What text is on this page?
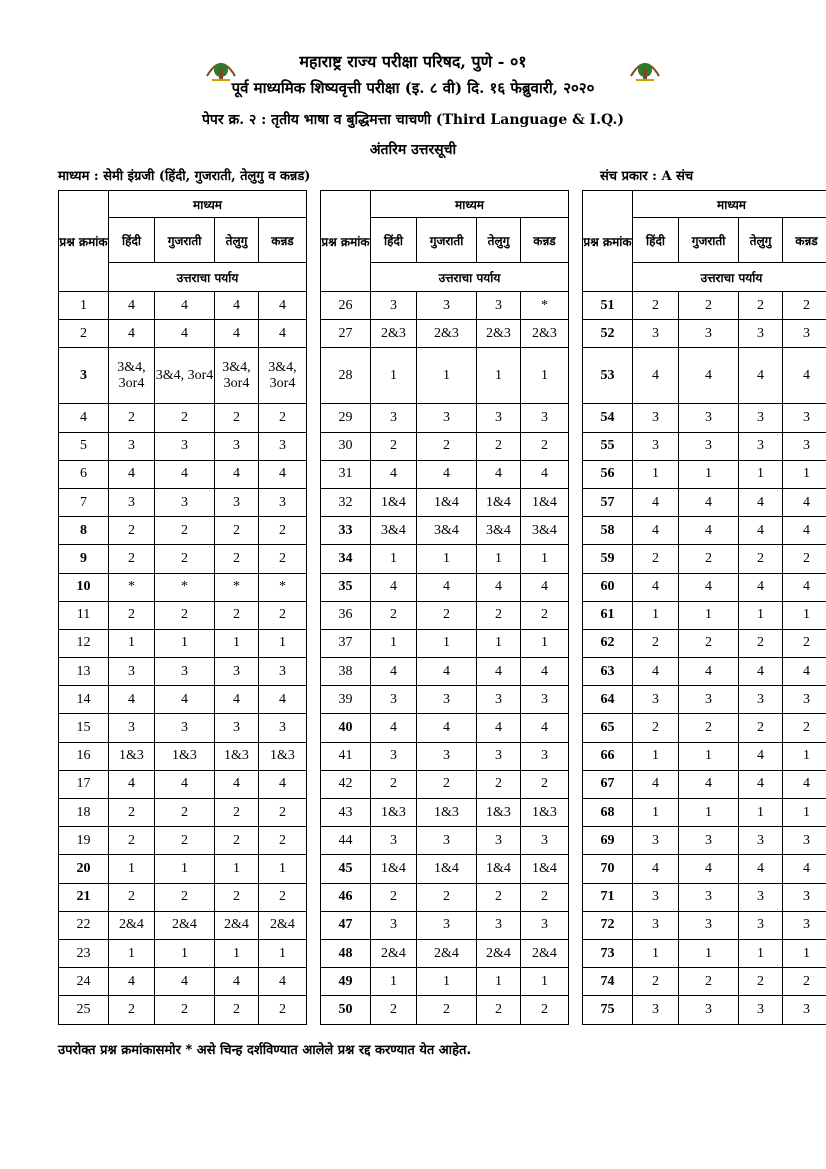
महाराष्ट्र राज्य परीक्षा परिषद, पुणे - ०१
पूर्व माध्यमिक शिष्यवृत्ती परीक्षा (इ. ८ वी) दि. १६ फेब्रुवारी, २०२०
पेपर क्र. २ : तृतीय भाषा व बुद्धिमत्ता चाचणी (Third Language & I.Q.)
अंतरिम उत्तरसूची
माध्यम : सेमी इंग्रजी (हिंदी, गुजराती, तेलुगु व कन्नड)	संच प्रकार : A संच
प्रश्न क्रमांक	माध्यम					प्रश्न क्रमांक	माध्यम					प्रश्न क्रमांक	माध्यम			
	हिंदी	गुजराती	तेलुगु	कन्नड			हिंदी	गुजराती	तेलुगु	कन्नड			हिंदी	गुजराती	तेलुगु	कन्नड
	उत्तराचा पर्याय						उत्तराचा पर्याय						उत्तराचा पर्याय			
1	4	4	4	4		26	3	3	3	*		51	2	2	2	2
2	4	4	4	4		27	2&3	2&3	2&3	2&3		52	3	3	3	3
3	3&4, 3or4	3&4, 3or4	3&4, 3or4	3&4, 3or4		28	1	1	1	1		53	4	4	4	4
4	2	2	2	2		29	3	3	3	3		54	3	3	3	3
5	3	3	3	3		30	2	2	2	2		55	3	3	3	3
6	4	4	4	4		31	4	4	4	4		56	1	1	1	1
7	3	3	3	3		32	1&4	1&4	1&4	1&4		57	4	4	4	4
8	2	2	2	2		33	3&4	3&4	3&4	3&4		58	4	4	4	4
9	2	2	2	2		34	1	1	1	1		59	2	2	2	2
10	*	*	*	*		35	4	4	4	4		60	4	4	4	4
11	2	2	2	2		36	2	2	2	2		61	1	1	1	1
12	1	1	1	1		37	1	1	1	1		62	2	2	2	2
13	3	3	3	3		38	4	4	4	4		63	4	4	4	4
14	4	4	4	4		39	3	3	3	3		64	3	3	3	3
15	3	3	3	3		40	4	4	4	4		65	2	2	2	2
16	1&3	1&3	1&3	1&3		41	3	3	3	3		66	1	1	4	1
17	4	4	4	4		42	2	2	2	2		67	4	4	4	4
18	2	2	2	2		43	1&3	1&3	1&3	1&3		68	1	1	1	1
19	2	2	2	2		44	3	3	3	3		69	3	3	3	3
20	1	1	1	1		45	1&4	1&4	1&4	1&4		70	4	4	4	4
21	2	2	2	2		46	2	2	2	2		71	3	3	3	3
22	2&4	2&4	2&4	2&4		47	3	3	3	3		72	3	3	3	3
23	1	1	1	1		48	2&4	2&4	2&4	2&4		73	1	1	1	1
24	4	4	4	4		49	1	1	1	1		74	2	2	2	2
25	2	2	2	2		50	2	2	2	2		75	3	3	3	3
उपरोक्त प्रश्न क्रमांकासमोर * असे चिन्ह दर्शविण्यात आलेले प्रश्न रद्द करण्यात येत आहेत.
